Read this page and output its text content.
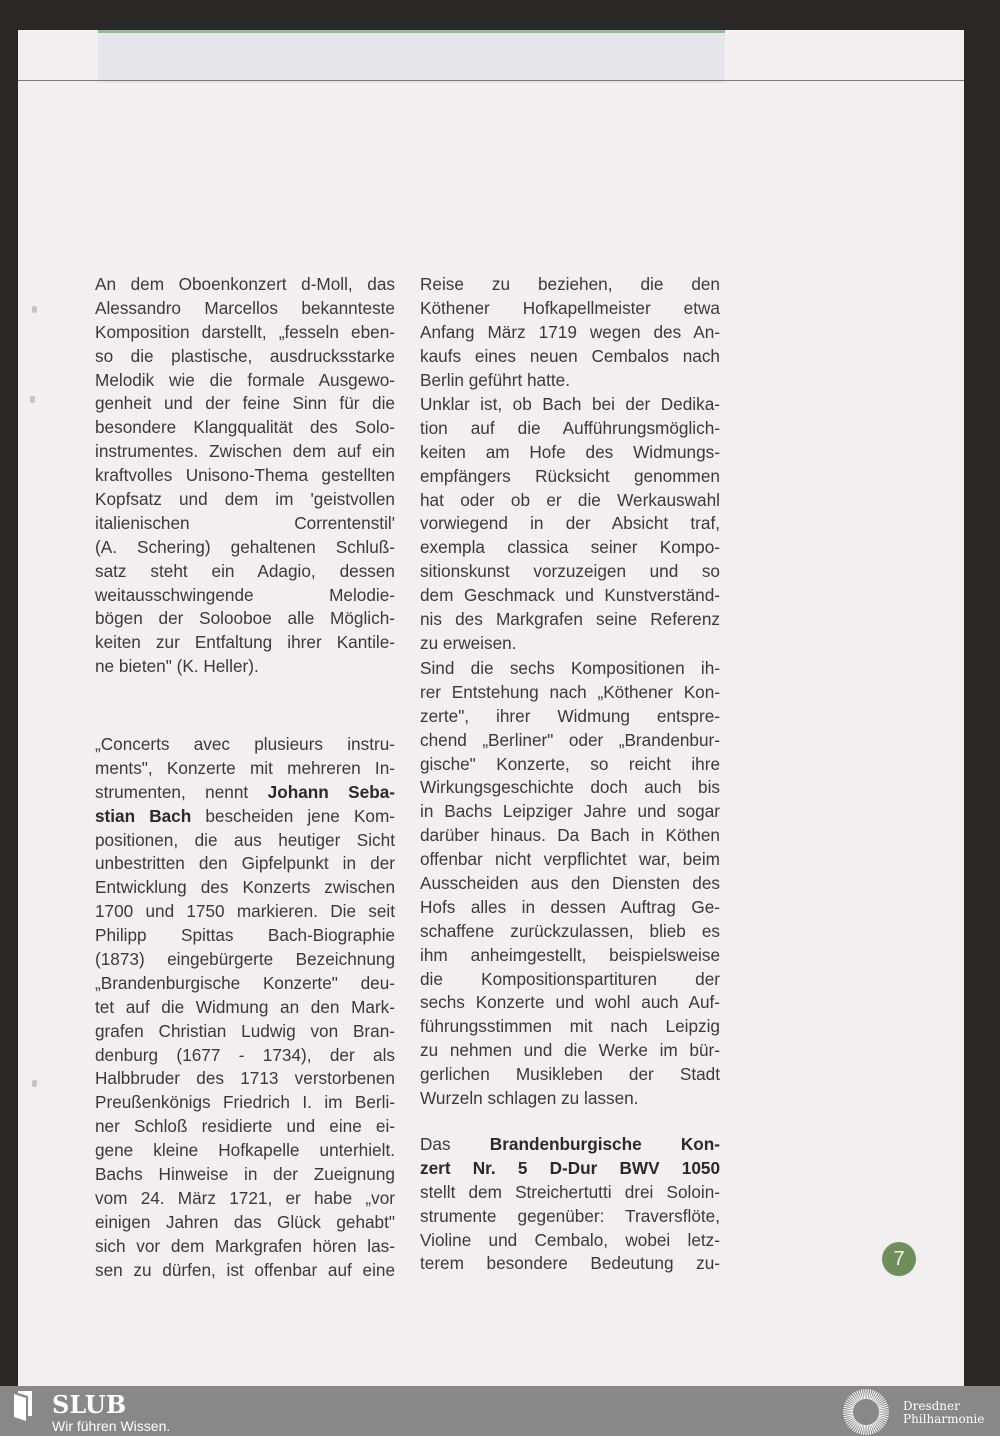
7
An dem Oboenkonzert d-Moll, das
Alessandro Marcellos bekannteste
Komposition darstellt, „fesseln eben-
so die plastische, ausdrucksstarke
Melodik wie die formale Ausgewo-
genheit und der feine Sinn für die
besondere Klangqualität des Solo-
instrumentes. Zwischen dem auf ein
kraftvolles Unisono-Thema gestellten
Kopfsatz und dem im 'geistvollen
italienischen Correntenstil'
(A. Schering) gehaltenen Schluß-
satz steht ein Adagio, dessen
weitausschwingende Melodie-
bögen der Solooboe alle Möglich-
keiten zur Entfaltung ihrer Kantile-
ne bieten" (K. Heller).
„Concerts avec plusieurs instru-
ments", Konzerte mit mehreren In-
strumenten, nennt Johann Seba-
stian Bach bescheiden jene Kom-
positionen, die aus heutiger Sicht
unbestritten den Gipfelpunkt in der
Entwicklung des Konzerts zwischen
1700 und 1750 markieren. Die seit
Philipp Spittas Bach-Biographie
(1873) eingebürgerte Bezeichnung
„Brandenburgische Konzerte" deu-
tet auf die Widmung an den Mark-
grafen Christian Ludwig von Bran-
denburg (1677 - 1734), der als
Halbbruder des 1713 verstorbenen
Preußenkönigs Friedrich I. im Berli-
ner Schloß residierte und eine ei-
gene kleine Hofkapelle unterhielt.
Bachs Hinweise in der Zueignung
vom 24. März 1721, er habe „vor
einigen Jahren das Glück gehabt"
sich vor dem Markgrafen hören las-
sen zu dürfen, ist offenbar auf eine
Reise zu beziehen, die den
Köthener Hofkapellmeister etwa
Anfang März 1719 wegen des An-
kaufs eines neuen Cembalos nach
Berlin geführt hatte.
Unklar ist, ob Bach bei der Dedika-
tion auf die Aufführungsmöglich-
keiten am Hofe des Widmungs-
empfängers Rücksicht genommen
hat oder ob er die Werkauswahl
vorwiegend in der Absicht traf,
exempla classica seiner Kompo-
sitionskunst vorzuzeigen und so
dem Geschmack und Kunstverständ-
nis des Markgrafen seine Referenz
zu erweisen.
Sind die sechs Kompositionen ih-
rer Entstehung nach „Köthener Kon-
zerte", ihrer Widmung entspre-
chend „Berliner" oder „Brandenbur-
gische" Konzerte, so reicht ihre
Wirkungsgeschichte doch auch bis
in Bachs Leipziger Jahre und sogar
darüber hinaus. Da Bach in Köthen
offenbar nicht verpflichtet war, beim
Ausscheiden aus den Diensten des
Hofs alles in dessen Auftrag Ge-
schaffene zurückzulassen, blieb es
ihm anheimgestellt, beispielsweise
die Kompositionspartituren der
sechs Konzerte und wohl auch Auf-
führungsstimmen mit nach Leipzig
zu nehmen und die Werke im bür-
gerlichen Musikleben der Stadt
Wurzeln schlagen zu lassen.
Das Brandenburgische Kon-
zert Nr. 5 D-Dur BWV 1050
stellt dem Streichertutti drei Soloin-
strumente gegenüber: Traversflöte,
Violine und Cembalo, wobei letz-
terem besondere Bedeutung zu-
SLUB
Wir führen Wissen.
Dresdner
Philharmonie
